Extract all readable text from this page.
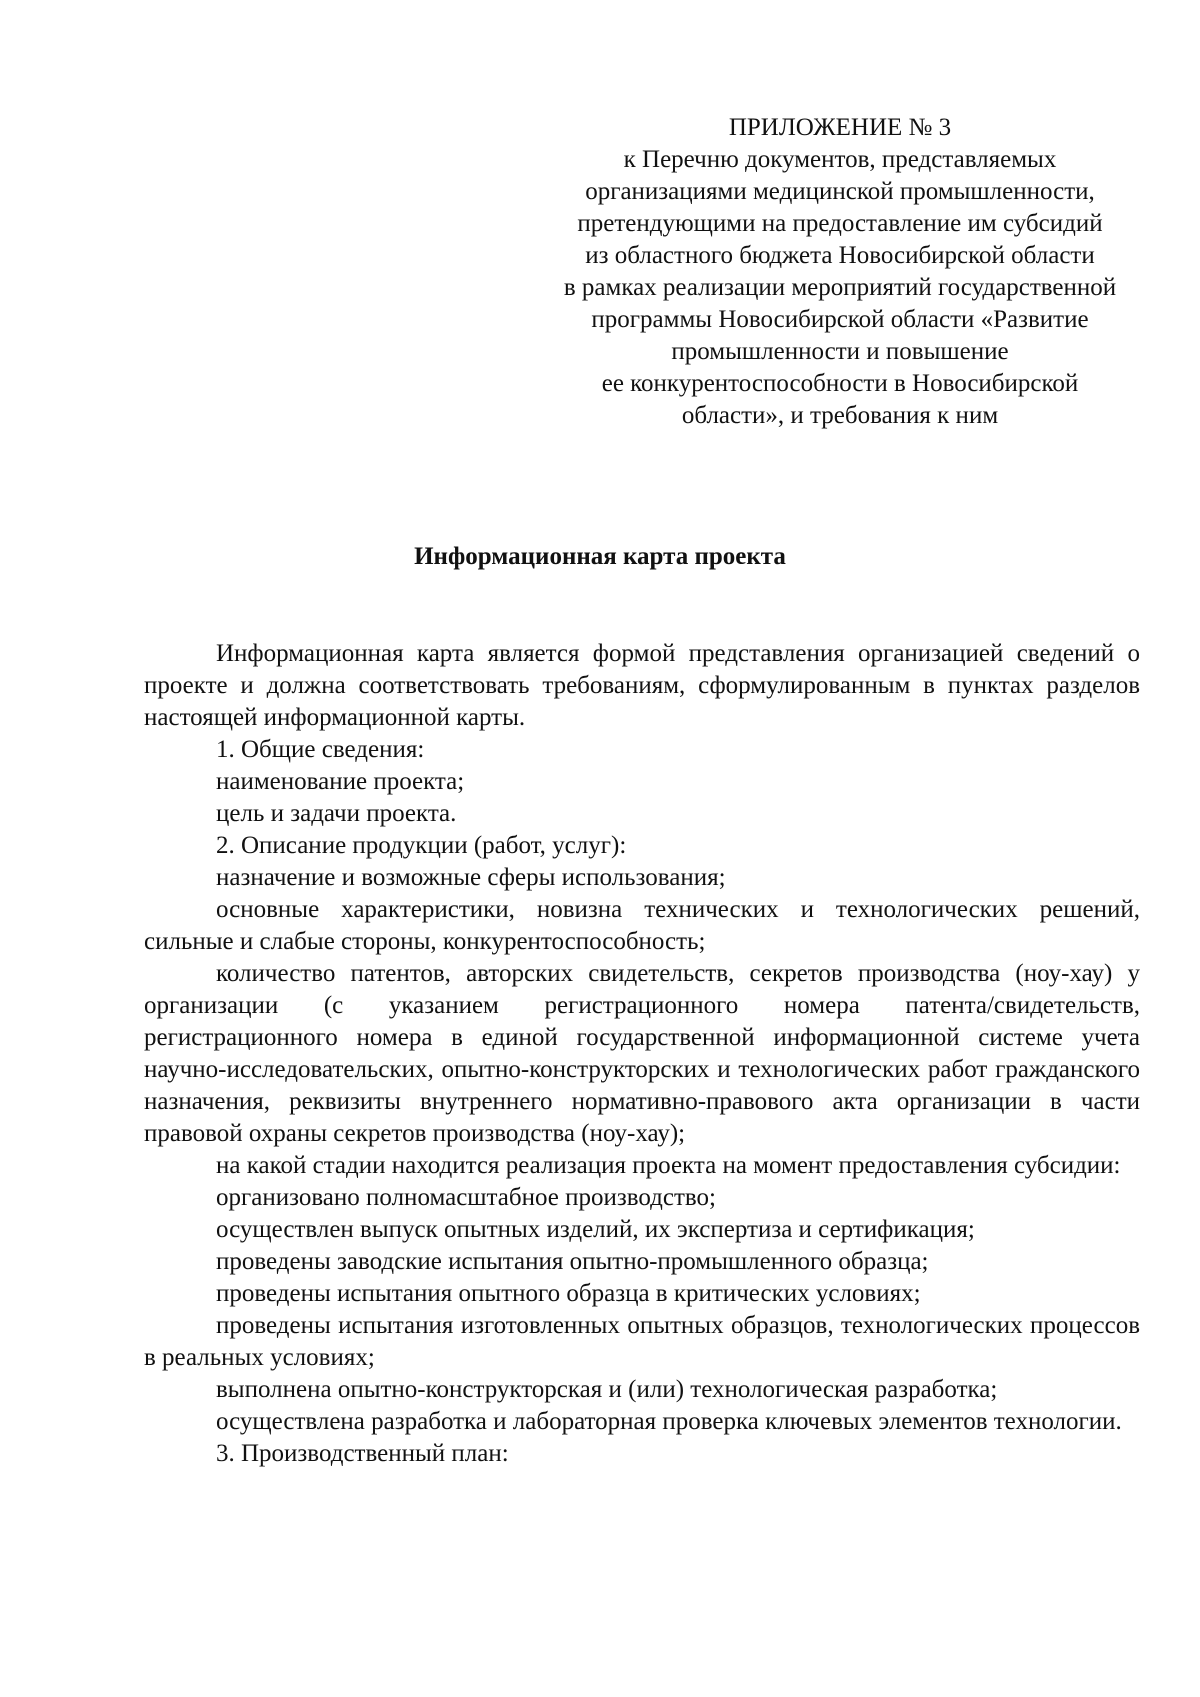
ПРИЛОЖЕНИЕ № 3
к Перечню документов, представляемых
организациями медицинской промышленности,
претендующими на предоставление им субсидий
из областного бюджета Новосибирской области
в рамках реализации мероприятий государственной
программы Новосибирской области «Развитие
промышленности и повышение
ее конкурентоспособности в Новосибирской
области», и требования к ним
Информационная карта проекта

Информационная карта является формой представления организацией сведений о проекте и должна соответствовать требованиям, сформулированным в пунктах разделов настоящей информационной карты.

1. Общие сведения:

наименование проекта;

цель и задачи проекта.

2. Описание продукции (работ, услуг):

назначение и возможные сферы использования;

основные характеристики, новизна технических и технологических решений, сильные и слабые стороны, конкурентоспособность;

количество патентов, авторских свидетельств, секретов производства (ноу-хау) у организации (с указанием регистрационного номера патента/свидетельств, регистрационного номера в единой государственной информационной системе учета научно-исследовательских, опытно-конструкторских и технологических работ гражданского назначения, реквизиты внутреннего нормативно-правового акта организации в части правовой охраны секретов производства (ноу-хау);

на какой стадии находится реализация проекта на момент предоставления субсидии:

организовано полномасштабное производство;

осуществлен выпуск опытных изделий, их экспертиза и сертификация;

проведены заводские испытания опытно-промышленного образца;

проведены испытания опытного образца в критических условиях;

проведены испытания изготовленных опытных образцов, технологических процессов в реальных условиях;

выполнена опытно-конструкторская и (или) технологическая разработка;

осуществлена разработка и лабораторная проверка ключевых элементов технологии.

3. Производственный план:
